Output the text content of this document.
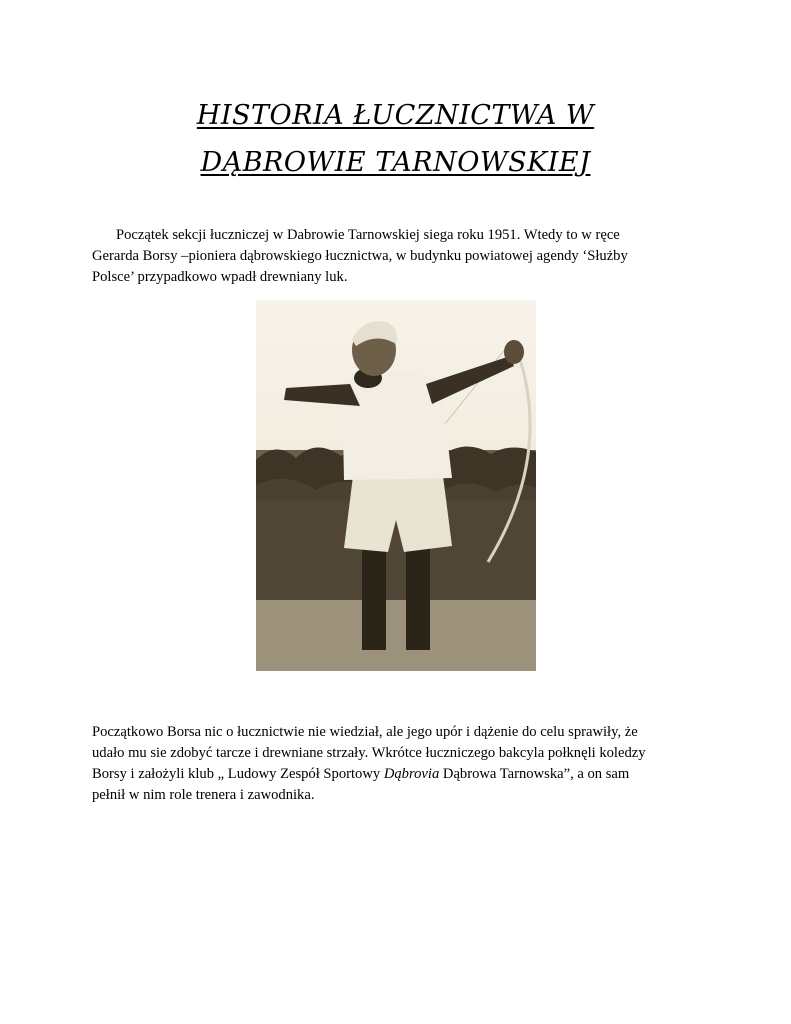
HISTORIA ŁUCZNICTWA W
DĄBROWIE TARNOWSKIEJ
Początek sekcji łuczniczej w Dabrowie Tarnowskiej siega roku 1951. Wtedy to w ręce
Gerarda Borsy –pioniera dąbrowskiego łucznictwa, w budynku powiatowej agendy ‘Służby
Polsce’ przypadkowo wpadł drewniany luk.
Początkowo Borsa nic o łucznictwie nie wiedział, ale jego upór i dążenie do celu sprawiły, że
udało mu sie zdobyć tarcze i drewniane strzały. Wkrótce łuczniczego bakcyla połknęli koledzy
Borsy i założyli klub „ Ludowy Zespół Sportowy Dąbrovia Dąbrowa Tarnowska”, a on sam
pełnił w nim role trenera i zawodnika.
